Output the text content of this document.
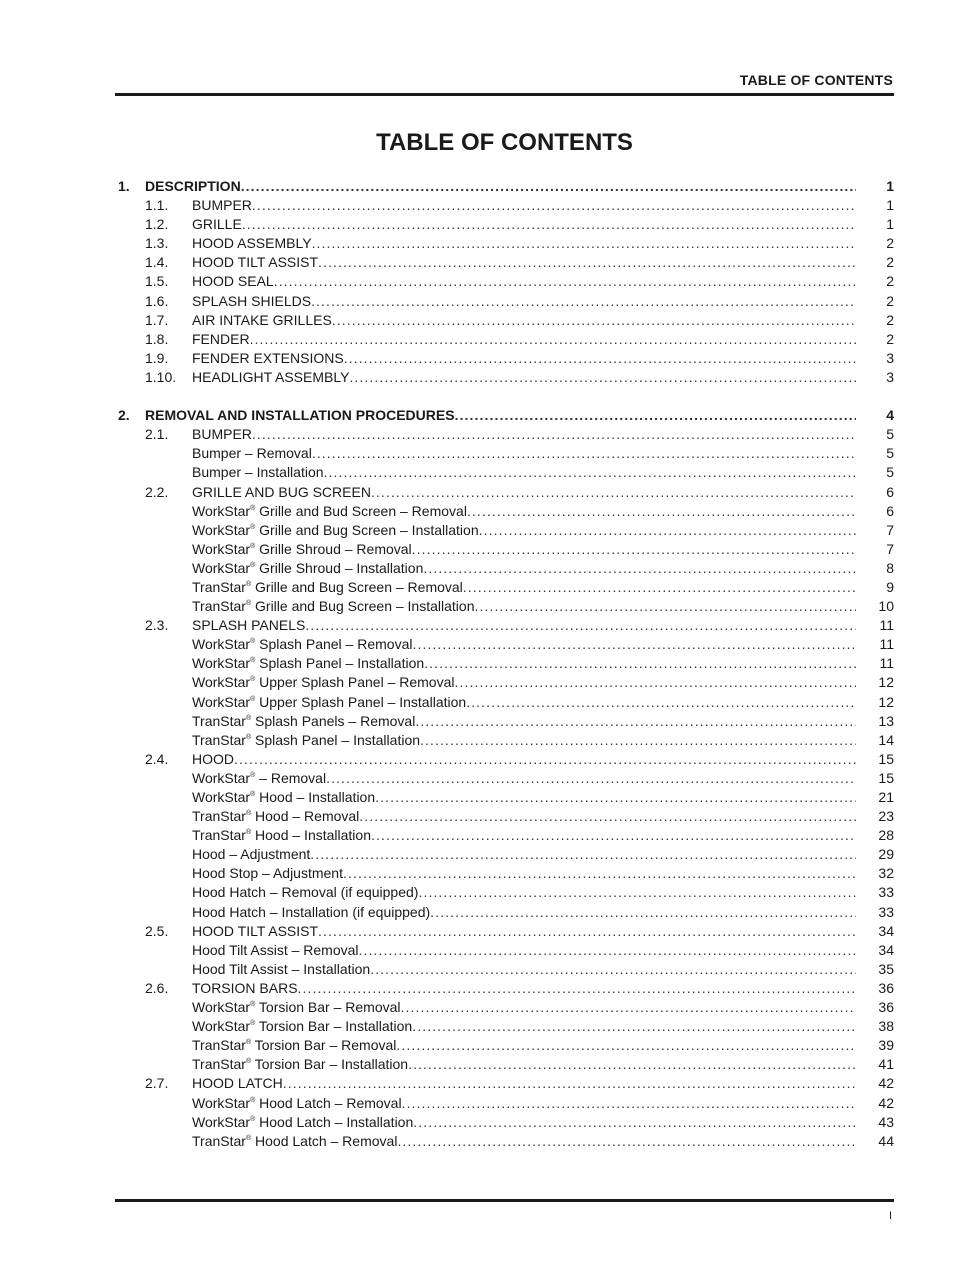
TABLE OF CONTENTS
TABLE OF CONTENTS
1. DESCRIPTION .....	1
1.1. BUMPER .....	1
1.2. GRILLE .....	1
1.3. HOOD ASSEMBLY .....	2
1.4. HOOD TILT ASSIST .....	2
1.5. HOOD SEAL .....	2
1.6. SPLASH SHIELDS .....	2
1.7. AIR INTAKE GRILLES .....	2
1.8. FENDER .....	2
1.9. FENDER EXTENSIONS .....	3
1.10. HEADLIGHT ASSEMBLY .....	3
2. REMOVAL AND INSTALLATION PROCEDURES .....	4
2.1. BUMPER .....	5
Bumper – Removal .....	5
Bumper – Installation .....	5
2.2. GRILLE AND BUG SCREEN .....	6
WorkStar® Grille and Bud Screen – Removal .....	6
WorkStar® Grille and Bug Screen – Installation .....	7
WorkStar® Grille Shroud – Removal .....	7
WorkStar® Grille Shroud – Installation .....	8
TranStar® Grille and Bug Screen – Removal .....	9
TranStar® Grille and Bug Screen – Installation .....	10
2.3. SPLASH PANELS .....	11
WorkStar® Splash Panel – Removal .....	11
WorkStar® Splash Panel – Installation .....	11
WorkStar® Upper Splash Panel – Removal .....	12
WorkStar® Upper Splash Panel – Installation .....	12
TranStar® Splash Panels – Removal .....	13
TranStar® Splash Panel – Installation .....	14
2.4. HOOD .....	15
WorkStar® – Removal .....	15
WorkStar® Hood – Installation .....	21
TranStar® Hood – Removal .....	23
TranStar® Hood – Installation .....	28
Hood – Adjustment .....	29
Hood Stop – Adjustment .....	32
Hood Hatch – Removal (if equipped) .....	33
Hood Hatch – Installation (if equipped) .....	33
2.5. HOOD TILT ASSIST .....	34
Hood Tilt Assist – Removal .....	34
Hood Tilt Assist – Installation .....	35
2.6. TORSION BARS .....	36
WorkStar® Torsion Bar – Removal .....	36
WorkStar® Torsion Bar – Installation .....	38
TranStar® Torsion Bar – Removal .....	39
TranStar® Torsion Bar – Installation .....	41
2.7. HOOD LATCH .....	42
WorkStar® Hood Latch – Removal .....	42
WorkStar® Hood Latch – Installation .....	43
TranStar® Hood Latch – Removal .....	44
I
